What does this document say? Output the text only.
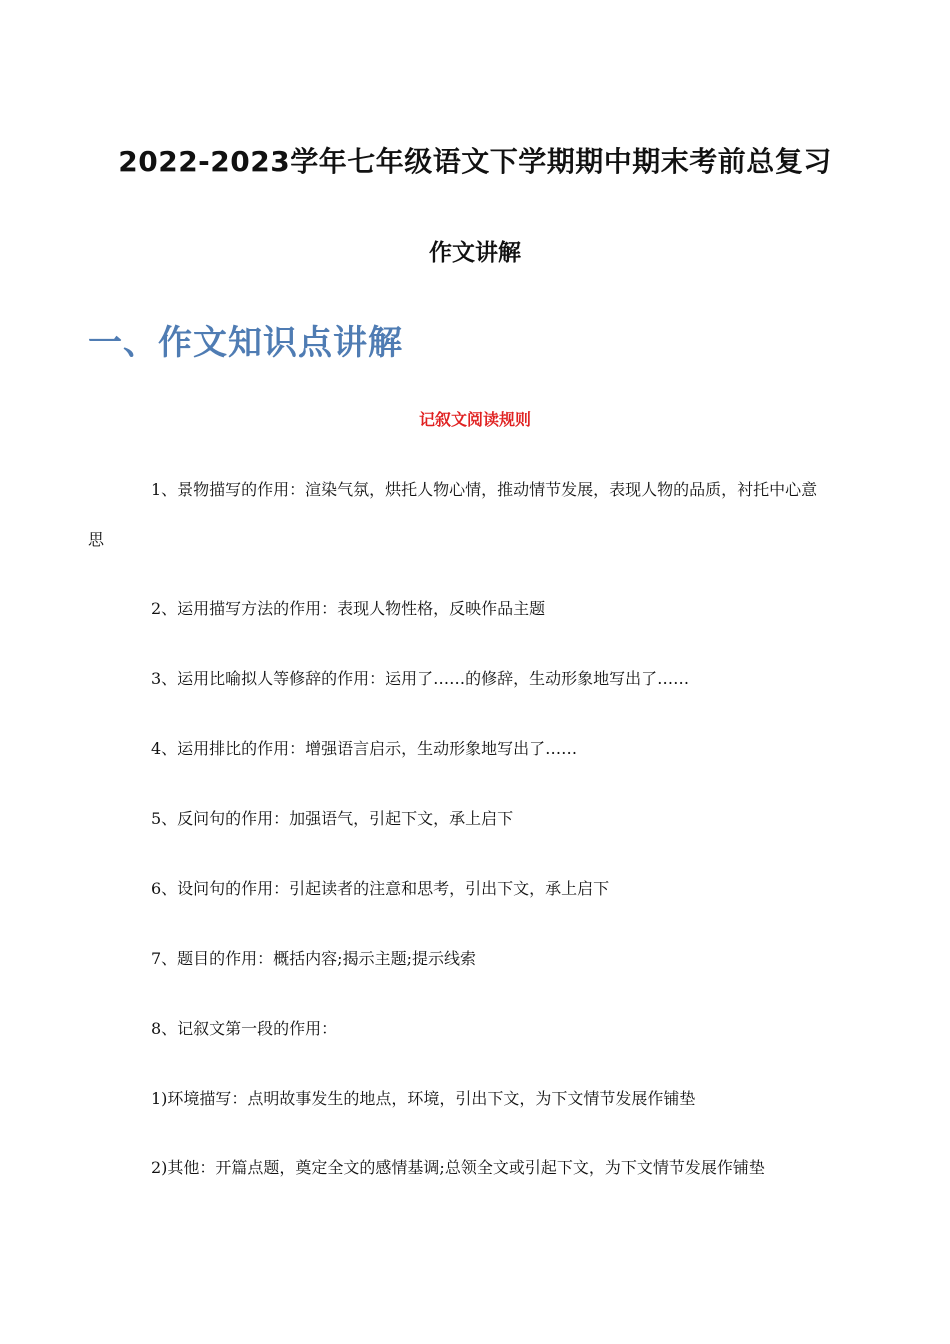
2022-2023学年七年级语文下学期期中期末考前总复习
作文讲解
一、作文知识点讲解
记叙文阅读规则
1、景物描写的作用：渲染气氛，烘托人物心情，推动情节发展，表现人物的品质，衬托中心意
思
2、运用描写方法的作用：表现人物性格，反映作品主题
3、运用比喻拟人等修辞的作用：运用了……的修辞，生动形象地写出了……
4、运用排比的作用：增强语言启示，生动形象地写出了……
5、反问句的作用：加强语气，引起下文，承上启下
6、设问句的作用：引起读者的注意和思考，引出下文，承上启下
7、题目的作用：概括内容;揭示主题;提示线索
8、记叙文第一段的作用：
1)环境描写：点明故事发生的地点，环境，引出下文，为下文情节发展作铺垫
2)其他：开篇点题，奠定全文的感情基调;总领全文或引起下文，为下文情节发展作铺垫
